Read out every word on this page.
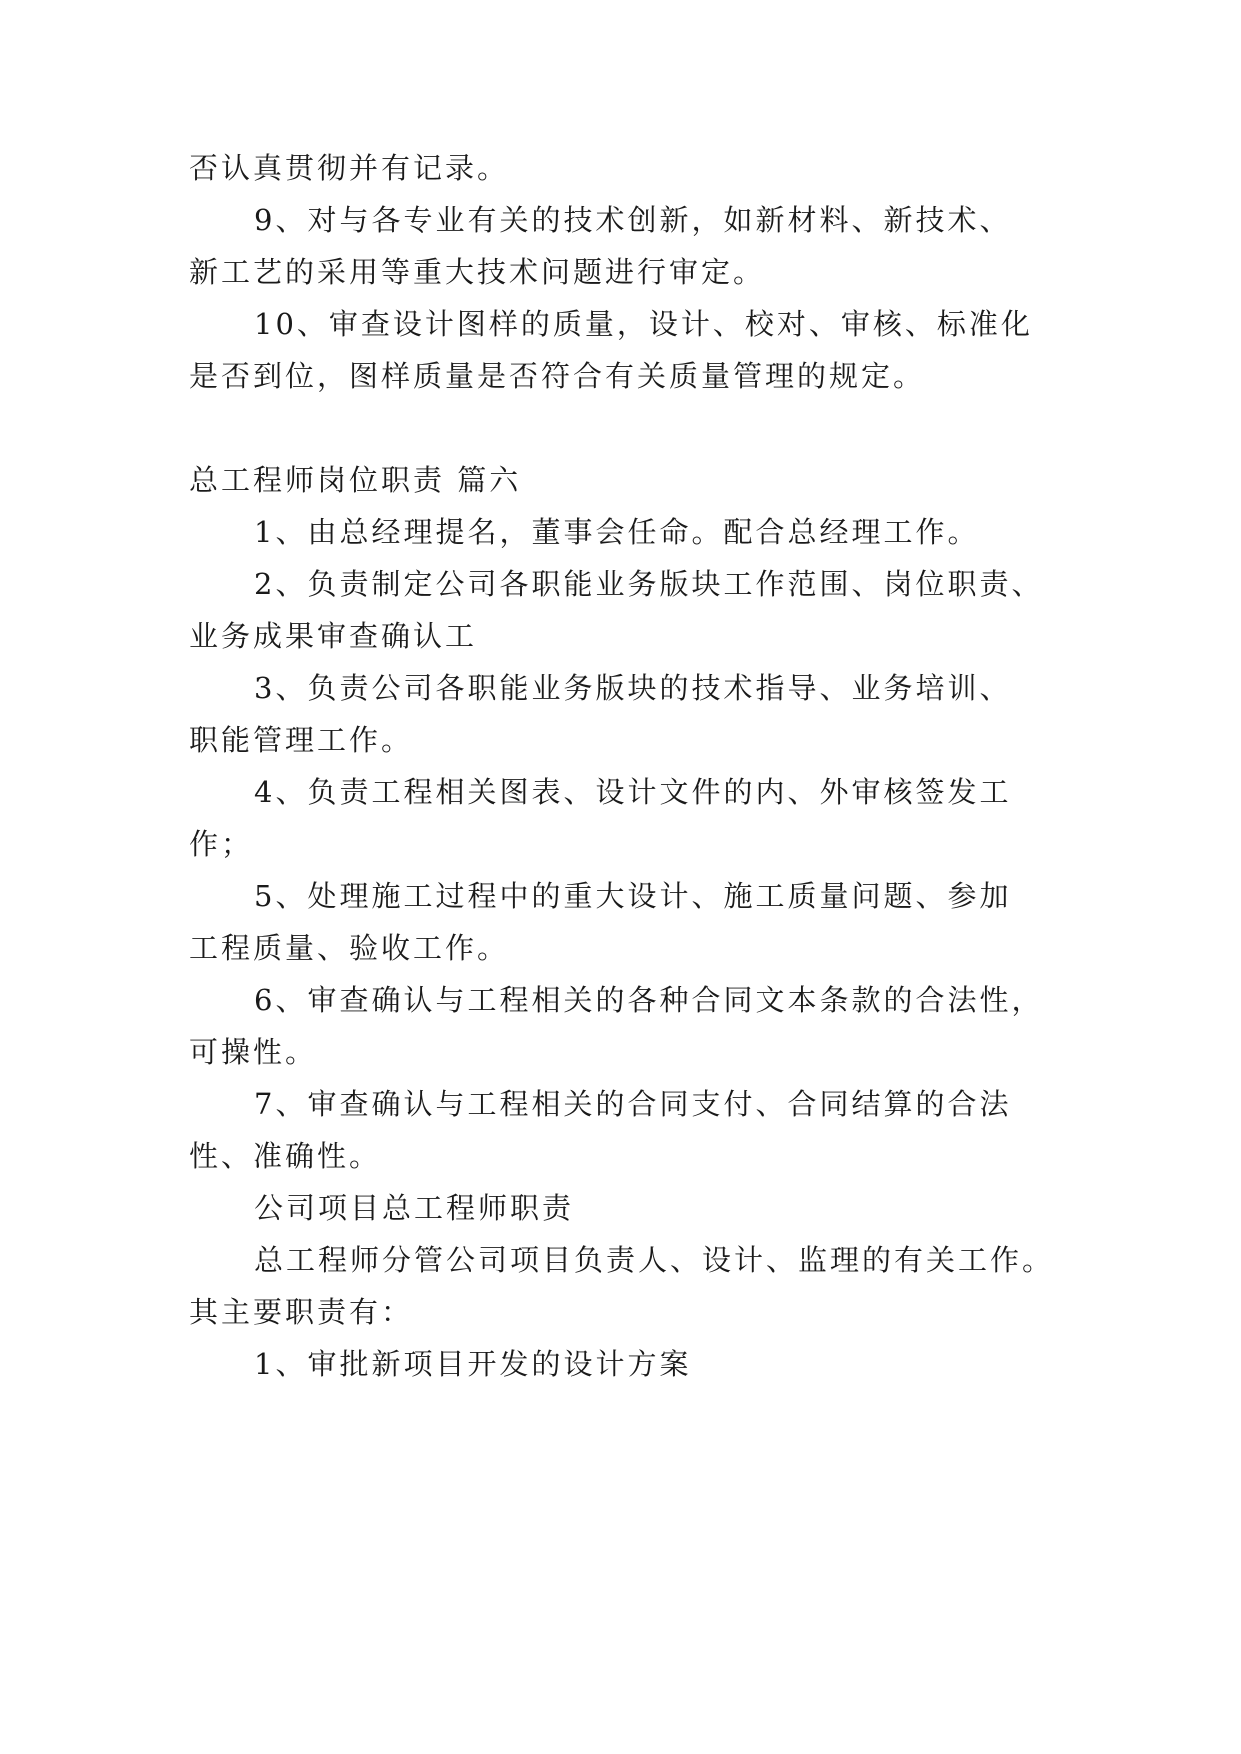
否认真贯彻并有记录。
9、对与各专业有关的技术创新，如新材料、新技术、
新工艺的采用等重大技术问题进行审定。
10、审查设计图样的质量，设计、校对、审核、标准化
是否到位，图样质量是否符合有关质量管理的规定。
总工程师岗位职责 篇六
1、由总经理提名，董事会任命。配合总经理工作。
2、负责制定公司各职能业务版块工作范围、岗位职责、
业务成果审查确认工
3、负责公司各职能业务版块的技术指导、业务培训、
职能管理工作。
4、负责工程相关图表、设计文件的内、外审核签发工
作；
5、处理施工过程中的重大设计、施工质量问题、参加
工程质量、验收工作。
6、审查确认与工程相关的各种合同文本条款的合法性，
可操性。
7、审查确认与工程相关的合同支付、合同结算的合法
性、准确性。
公司项目总工程师职责
总工程师分管公司项目负责人、设计、监理的有关工作。
其主要职责有：
1、审批新项目开发的设计方案
